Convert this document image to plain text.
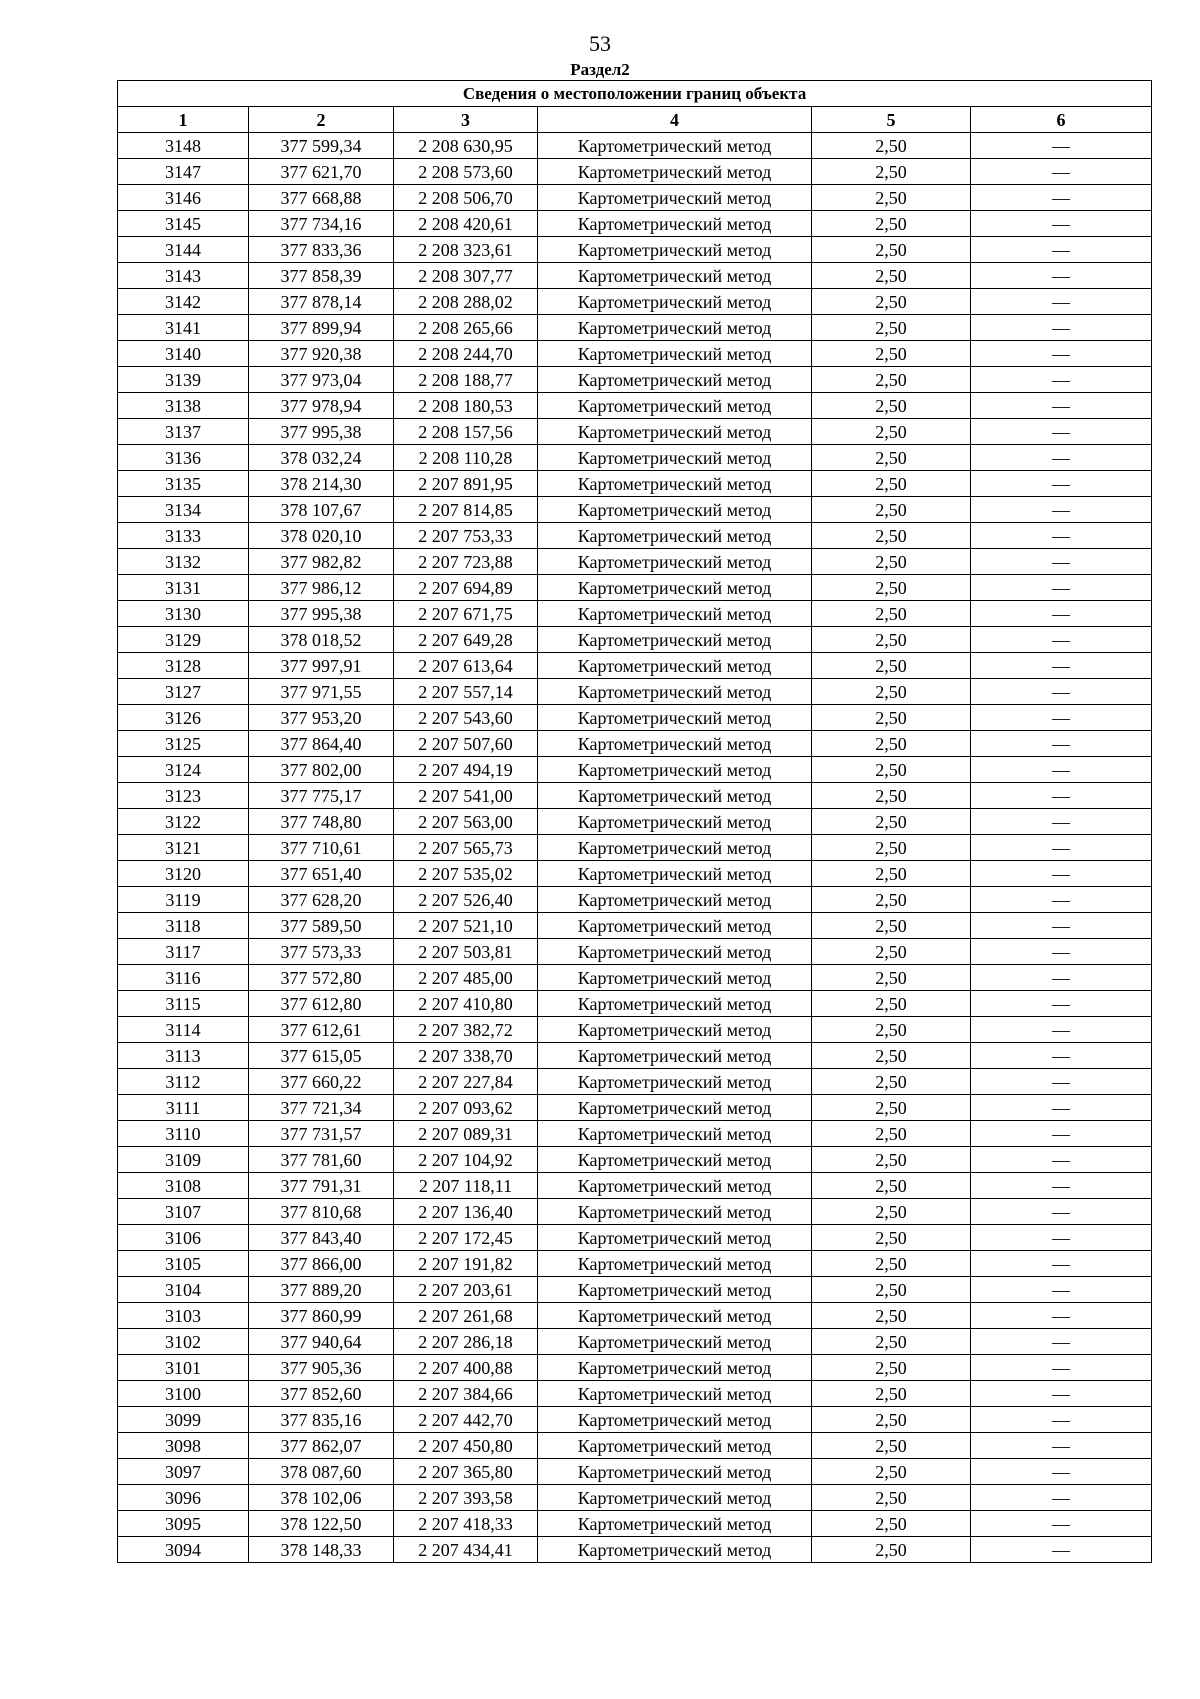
53
Раздел2
Сведения о местоположении границ объекта					
1	2	3	4	5	6
3148	377 599,34	2 208 630,95	Картометрический метод	2,50	—
3147	377 621,70	2 208 573,60	Картометрический метод	2,50	—
3146	377 668,88	2 208 506,70	Картометрический метод	2,50	—
3145	377 734,16	2 208 420,61	Картометрический метод	2,50	—
3144	377 833,36	2 208 323,61	Картометрический метод	2,50	—
3143	377 858,39	2 208 307,77	Картометрический метод	2,50	—
3142	377 878,14	2 208 288,02	Картометрический метод	2,50	—
3141	377 899,94	2 208 265,66	Картометрический метод	2,50	—
3140	377 920,38	2 208 244,70	Картометрический метод	2,50	—
3139	377 973,04	2 208 188,77	Картометрический метод	2,50	—
3138	377 978,94	2 208 180,53	Картометрический метод	2,50	—
3137	377 995,38	2 208 157,56	Картометрический метод	2,50	—
3136	378 032,24	2 208 110,28	Картометрический метод	2,50	—
3135	378 214,30	2 207 891,95	Картометрический метод	2,50	—
3134	378 107,67	2 207 814,85	Картометрический метод	2,50	—
3133	378 020,10	2 207 753,33	Картометрический метод	2,50	—
3132	377 982,82	2 207 723,88	Картометрический метод	2,50	—
3131	377 986,12	2 207 694,89	Картометрический метод	2,50	—
3130	377 995,38	2 207 671,75	Картометрический метод	2,50	—
3129	378 018,52	2 207 649,28	Картометрический метод	2,50	—
3128	377 997,91	2 207 613,64	Картометрический метод	2,50	—
3127	377 971,55	2 207 557,14	Картометрический метод	2,50	—
3126	377 953,20	2 207 543,60	Картометрический метод	2,50	—
3125	377 864,40	2 207 507,60	Картометрический метод	2,50	—
3124	377 802,00	2 207 494,19	Картометрический метод	2,50	—
3123	377 775,17	2 207 541,00	Картометрический метод	2,50	—
3122	377 748,80	2 207 563,00	Картометрический метод	2,50	—
3121	377 710,61	2 207 565,73	Картометрический метод	2,50	—
3120	377 651,40	2 207 535,02	Картометрический метод	2,50	—
3119	377 628,20	2 207 526,40	Картометрический метод	2,50	—
3118	377 589,50	2 207 521,10	Картометрический метод	2,50	—
3117	377 573,33	2 207 503,81	Картометрический метод	2,50	—
3116	377 572,80	2 207 485,00	Картометрический метод	2,50	—
3115	377 612,80	2 207 410,80	Картометрический метод	2,50	—
3114	377 612,61	2 207 382,72	Картометрический метод	2,50	—
3113	377 615,05	2 207 338,70	Картометрический метод	2,50	—
3112	377 660,22	2 207 227,84	Картометрический метод	2,50	—
3111	377 721,34	2 207 093,62	Картометрический метод	2,50	—
3110	377 731,57	2 207 089,31	Картометрический метод	2,50	—
3109	377 781,60	2 207 104,92	Картометрический метод	2,50	—
3108	377 791,31	2 207 118,11	Картометрический метод	2,50	—
3107	377 810,68	2 207 136,40	Картометрический метод	2,50	—
3106	377 843,40	2 207 172,45	Картометрический метод	2,50	—
3105	377 866,00	2 207 191,82	Картометрический метод	2,50	—
3104	377 889,20	2 207 203,61	Картометрический метод	2,50	—
3103	377 860,99	2 207 261,68	Картометрический метод	2,50	—
3102	377 940,64	2 207 286,18	Картометрический метод	2,50	—
3101	377 905,36	2 207 400,88	Картометрический метод	2,50	—
3100	377 852,60	2 207 384,66	Картометрический метод	2,50	—
3099	377 835,16	2 207 442,70	Картометрический метод	2,50	—
3098	377 862,07	2 207 450,80	Картометрический метод	2,50	—
3097	378 087,60	2 207 365,80	Картометрический метод	2,50	—
3096	378 102,06	2 207 393,58	Картометрический метод	2,50	—
3095	378 122,50	2 207 418,33	Картометрический метод	2,50	—
3094	378 148,33	2 207 434,41	Картометрический метод	2,50	—
